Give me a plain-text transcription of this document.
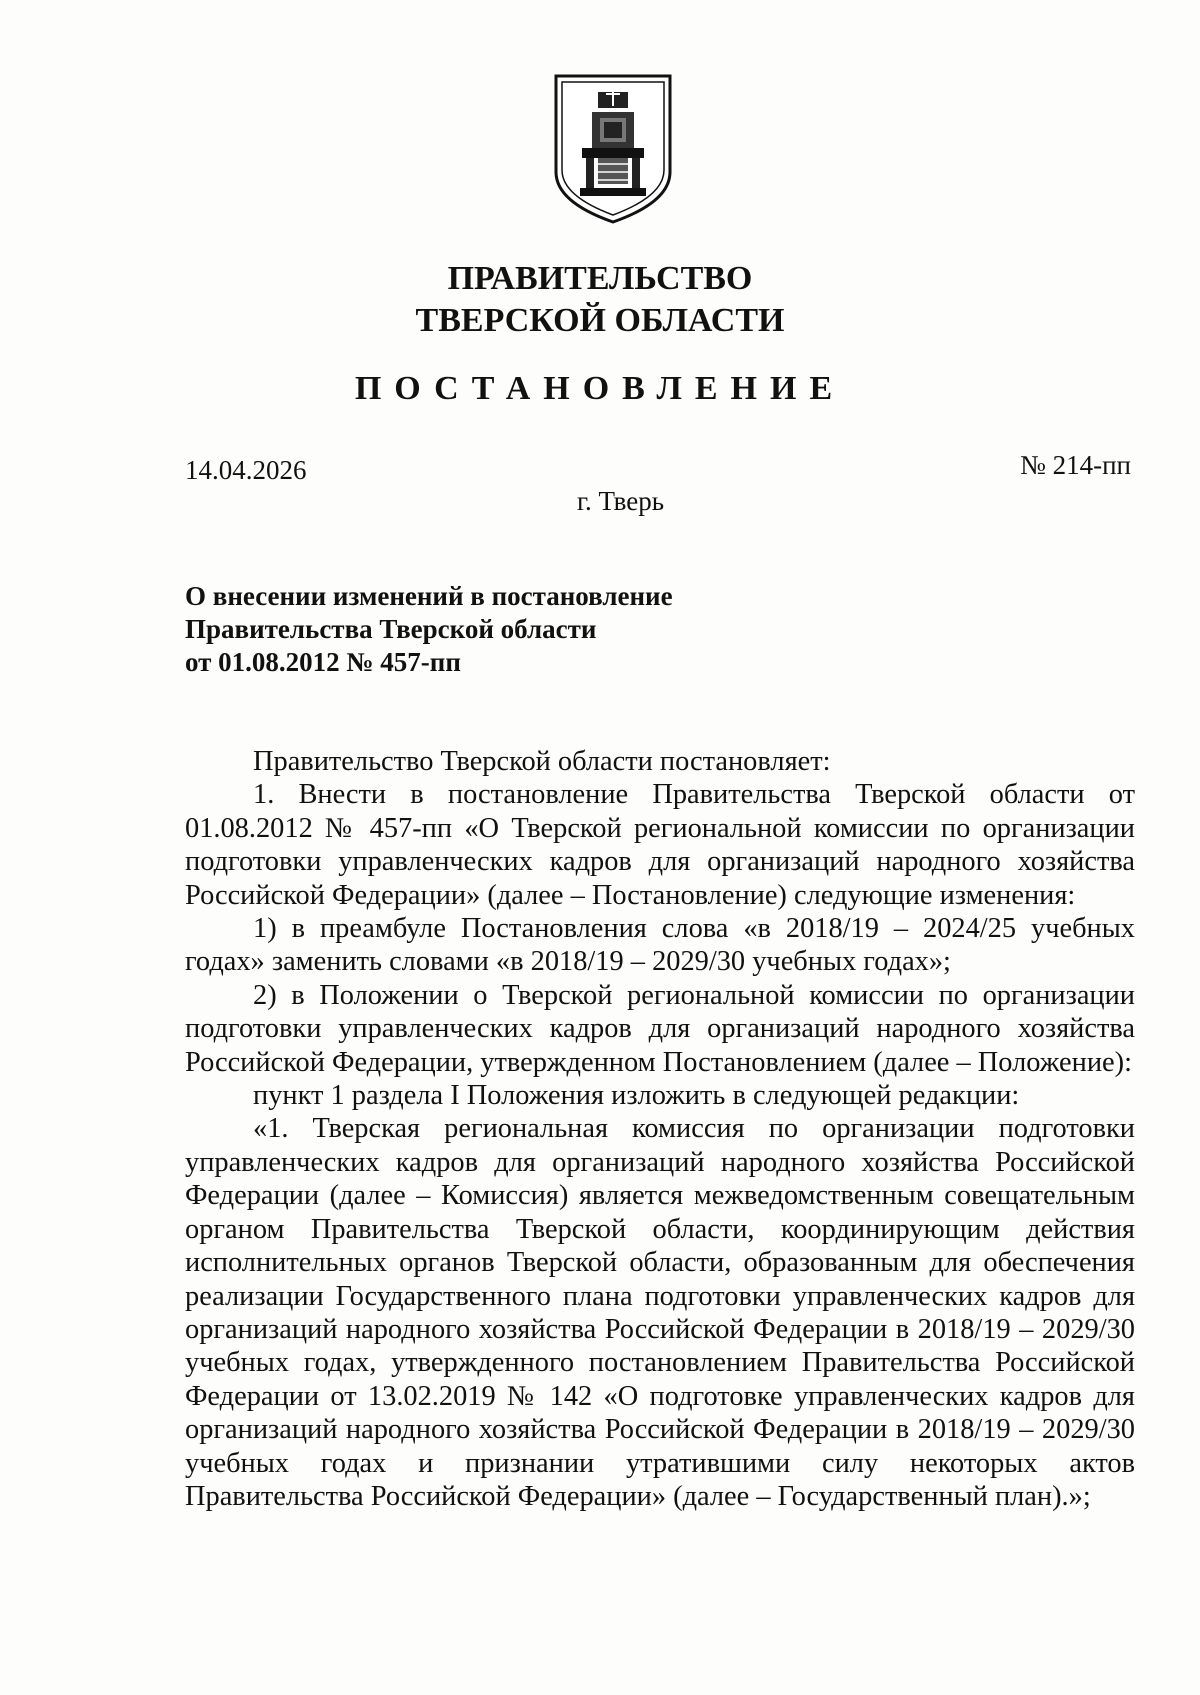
ПРАВИТЕЛЬСТВО
ТВЕРСКОЙ ОБЛАСТИ
ПОСТАНОВЛЕНИЕ
14.04.2026	№ 214-пп
г. Тверь
О внесении изменений в постановление
Правительства Тверской области
от 01.08.2012 № 457-пп

Правительство Тверской области постановляет:

1. Внести в постановление Правительства Тверской области от 01.08.2012 № 457-пп «О Тверской региональной комиссии по организации подготовки управленческих кадров для организаций народного хозяйства Российской Федерации» (далее – Постановление) следующие изменения:

1) в преамбуле Постановления слова «в 2018/19 – 2024/25 учебных годах» заменить словами «в 2018/19 – 2029/30 учебных годах»;

2) в Положении о Тверской региональной комиссии по организации подготовки управленческих кадров для организаций народного хозяйства Российской Федерации, утвержденном Постановлением (далее – Положение):

пункт 1 раздела I Положения изложить в следующей редакции:

«1. Тверская региональная комиссия по организации подготовки управленческих кадров для организаций народного хозяйства Российской Федерации (далее – Комиссия) является межведомственным совещательным органом Правительства Тверской области, координирующим действия исполнительных органов Тверской области, образованным для обеспечения реализации Государственного плана подготовки управленческих кадров для организаций народного хозяйства Российской Федерации в 2018/19 – 2029/30 учебных годах, утвержденного постановлением Правительства Российской Федерации от 13.02.2019 № 142 «О подготовке управленческих кадров для организаций народного хозяйства Российской Федерации в 2018/19 – 2029/30 учебных годах и признании утратившими силу некоторых актов Правительства Российской Федерации» (далее – Государственный план).»;
